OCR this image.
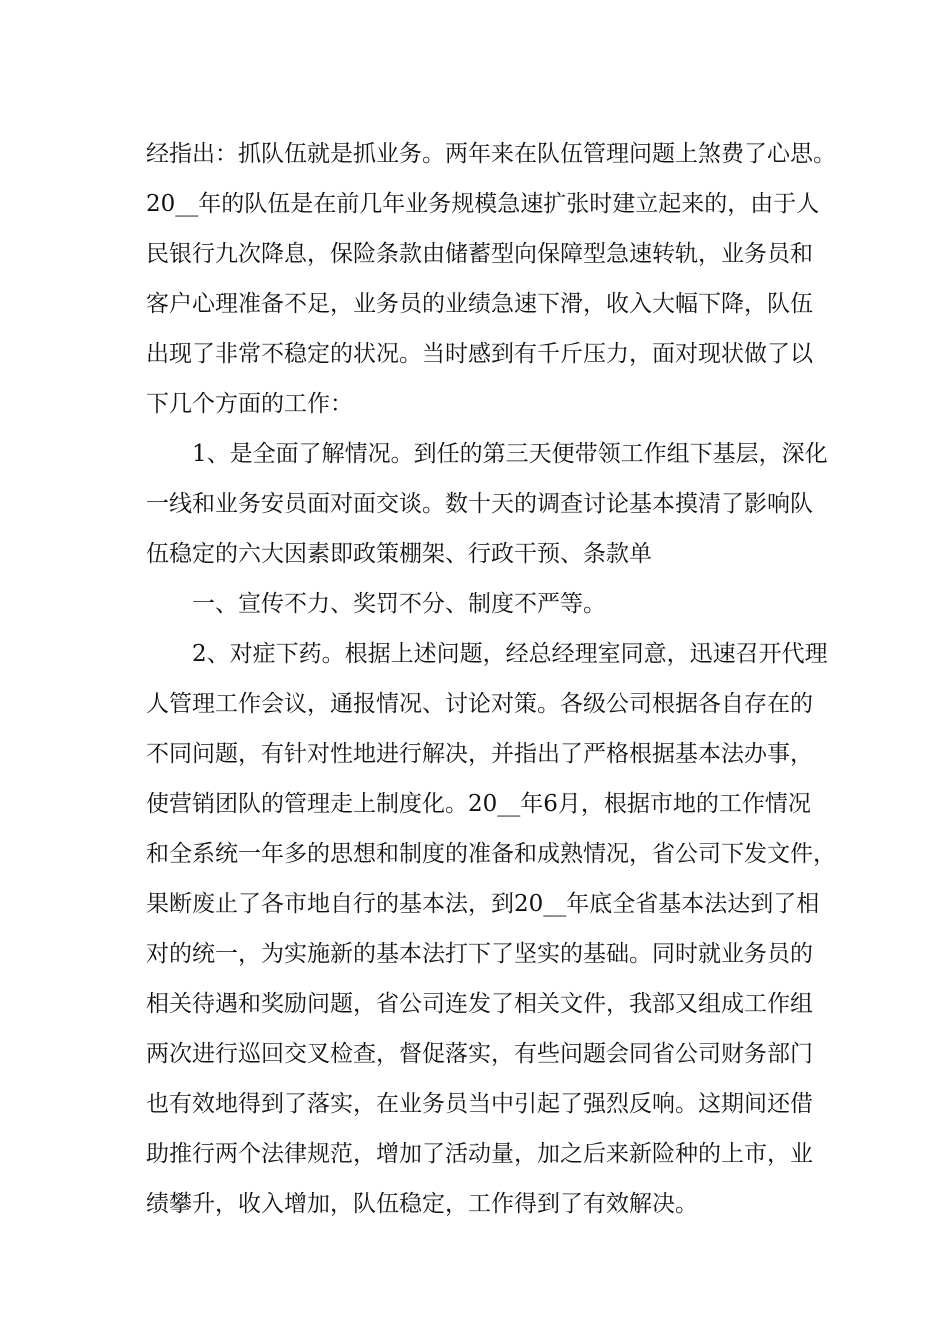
经指出：抓队伍就是抓业务。两年来在队伍管理问题上煞费了心思。
20__年的队伍是在前几年业务规模急速扩张时建立起来的，由于人
民银行九次降息，保险条款由储蓄型向保障型急速转轨，业务员和
客户心理准备不足，业务员的业绩急速下滑，收入大幅下降，队伍
出现了非常不稳定的状况。当时感到有千斤压力，面对现状做了以
下几个方面的工作：
1、是全面了解情况。到任的第三天便带领工作组下基层，深化
一线和业务安员面对面交谈。数十天的调查讨论基本摸清了影响队
伍稳定的六大因素即政策棚架、行政干预、条款单
一、宣传不力、奖罚不分、制度不严等。
2、对症下药。根据上述问题，经总经理室同意，迅速召开代理
人管理工作会议，通报情况、讨论对策。各级公司根据各自存在的
不同问题，有针对性地进行解决，并指出了严格根据基本法办事，
使营销团队的管理走上制度化。20__年6月，根据市地的工作情况
和全系统一年多的思想和制度的准备和成熟情况，省公司下发文件，
果断废止了各市地自行的基本法，到20__年底全省基本法达到了相
对的统一，为实施新的基本法打下了坚实的基础。同时就业务员的
相关待遇和奖励问题，省公司连发了相关文件，我部又组成工作组
两次进行巡回交叉检查，督促落实，有些问题会同省公司财务部门
也有效地得到了落实，在业务员当中引起了强烈反响。这期间还借
助推行两个法律规范，增加了活动量，加之后来新险种的上市，业
绩攀升，收入增加，队伍稳定，工作得到了有效解决。
